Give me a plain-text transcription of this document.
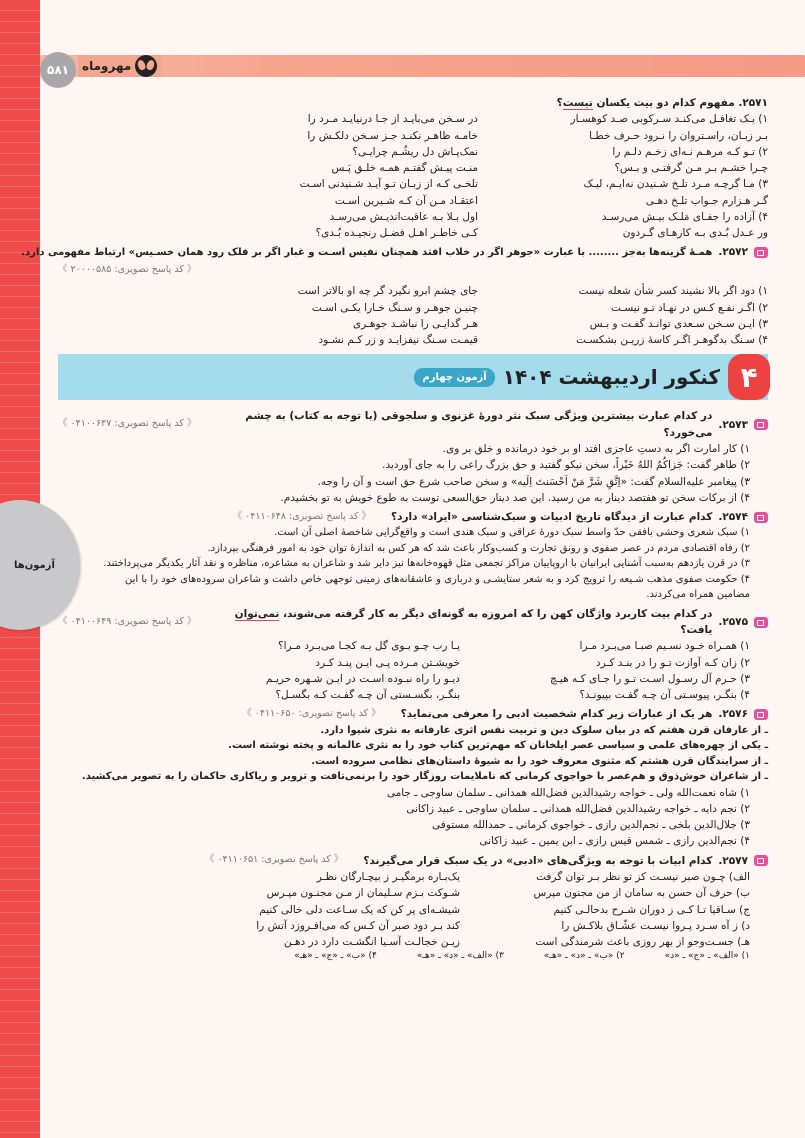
۵۸۱	مهروماه
آزمون‌ها
۲۵۷۱. مفهوم کدام دو بیت یکسان نیست؟
۱) یـک تغافـل می‌کنـد سـرکوبی صـد کوهسـار
در سـخن می‌بایـد از جـا درنیایـد مـرد را
بـر زبـان، راسـتروان را نـرود حـرف خطـا
خامـه ظاهـر نکنـد جـز سـخن دلکـش را
۲) تـو کـه مرهـم نـه‌ای زخـم دلـم را
نمک‌پـاش دل ریشُـم چرایـی؟
چـرا خشـم بـر مـن گرفتـی و بـس؟
منـت پیـش گفتـم همـه خلـق پَـس
۳) مـا گرچـه مـرد تلـخ شـنیدن نه‌ایـم، لیـک
تلخـی کـه از زبـان تـو آیـد شـنیدنی اسـت
گـر هـزارم جـواب تلـخ دهـی
اعتقـاد مـن آن کـه شـیرین اسـت
۴) آزاده را جفـای مَلـک بیـش می‌رسـد
اول بـلا بـه عاقبت‌اندیـش می‌رسـد
ور عـدل بُـدی بـه کارهـای گـردون
کـی خاطـر اهـل فضـل رنجیـده بُـدی؟
۲۵۷۲.
همـهٔ گزینه‌ها به‌جز ........ با عبارت «جوهر اگر در خلاب افتد همچنان نفیس اسـت و غبار اگر بر فلک رود همان خسـیس» ارتباط مفهومی دارد.
《 کد پاسخ تصویری: ۲۰۰۰۰۵۸۵ 》
۱) دود اگر بالا نشیند کسر شأن شعله نیست
جای چشم ابرو نگیرد گر چه او بالاتر است
۲) اگـر نفـع کـس در نهـاد تـو نیسـت
چنیـن جوهـر و سـنگ خـارا یکـی اسـت
۳) ایـن سـخن سـعدی توانـد گفـت و بـس
هـر گدایـی را نباشـد جوهـری
۴) سـنگ بدگوهـر اگـر کاسهٔ زریـن بشکسـت
قیمـت سـنگ نیفزایـد و زر کـم نشـود
۴
کنکور اردیبهشت ۱۴۰۴
آزمون چهارم
۲۵۷۳.
در کدام عبارت بیشترین ویژگی سبک نثر دورهٔ غزنوی و سلجوقی (با توجه به کتاب) به چشم می‌خورد؟
《 کد پاسخ تصویری: ۰۴۱۰۰۶۴۷ 》
۱) کار امارت اگر به دستِ عاجزی افتد او بر خود درمانده و خلق بر وی.
۲) طاهر گفت: جَزاکُمُ اللهُ خَیْراً، سخن نیکو گفتید و حق بزرگ راعی را به جای آوردید.
۳) پیغامبر علیه‌السلام گفت: «اِتَّقِ شَرَّ مَنْ اَحْسَنتَ اِلَیه» و سخن صاحب شرع حق است و آن را وجه.
۴) از برکات سخن تو هفتصد دینار به من رسید. این صد دینار حق‌السعی توست به طوع خویش به تو بخشیدم.
۲۵۷۴.
کدام عبارت از دیدگاه تاریخ ادبیات و سبک‌شناسی «ایراد» دارد؟
《 کد پاسخ تصویری: ۰۴۱۱۰۶۴۸ 》
۱) سبک شعری وحشی بافقی حدّ واسط سبک دورهٔ عراقی و سبک هندی است و واقع‌گرایی شاخصهٔ اصلی آن است.
۲) رفاه اقتصادی مردم در عصر صفوی و رونق تجارت و کسب‌وکار باعث شد که هر کس به اندازهٔ توان خود به امور فرهنگی بپردازد.
۳) در قرن یازدهم به‌سبب آشنایی ایرانیان با اروپاییان مراکز تجمعی مثل قهوه‌خانه‌ها نیز دایر شد و شاعران به مشاعره، مناظره و نقد آثار یکدیگر می‌پرداختند.
۴) حکومت صفوی مذهب شـیعه را ترویج کرد و به شعر ستایشـی و درباری و عاشقانه‌های زمینی توجهی خاص داشت و شاعران سروده‌های خود را با این
مضامین همراه می‌کردند.
۲۵۷۵.
در کدام بیت کاربرد واژگان کهن را که امروزه به گونه‌ای دیگر به کار گرفته می‌شوند، نمی‌توان یافت؟
《 کد پاسخ تصویری: ۰۴۱۰۰۶۴۹ 》
۱) همـراه خـود نسـیم صبـا می‌بـرد مـرا
یـا رب چـو بـوی گل بـه کجـا می‌بـرد مـرا؟
۲) زان کـه آوازت تـو را در بنـد کـرد
خویشـتن مـرده پـی ایـن پنـد کـرد
۳) حـرم آل رسـول اسـت تـو را جـای کـه هیـچ
دیـو را راه نبـوده اسـت در ایـن شـهره حریـم
۴) بنگـر، پیوسـتی آن چـه گفـت بپیونـد؟
بنگـر، بگسـستی آن چـه گفـت کـه بگسـل؟
۲۵۷۶.
هر یک از عبارات زیر کدام شخصیت ادبی را معرفی می‌نماید؟
《 کد پاسخ تصویری: ۰۴۱۱۰۶۵۰ 》
ـ از عارفان قرن هفتم که در بیان سلوک دین و تربیت نفس اثری عارفانه به نثری شیوا دارد.
ـ یکی از چهره‌های علمی و سیاسی عصر ایلخانان که مهم‌ترین کتاب خود را به نثری عالمانه و پخته نوشته است.
ـ از سرایندگان قرن هشتم که مثنوی معروف خود را به شیوهٔ داستان‌های نظامی سروده است.
ـ از شاعران خوش‌ذوق و هم‌عصر با خواجوی کرمانی که ناملایمات روزگار خود را برنمی‌تافت و تزویر و ریاکاری حاکمان را به تصویر می‌کشید.
۱) شاه نعمت‌الله ولی ـ خواجه رشیدالدین فضل‌الله همدانی ـ سلمان ساوجی ـ جامی
۲) نجم دایه ـ خواجه رشیدالدین فضل‌الله همدانی ـ سلمان ساوجی ـ عبید زاکانی
۳) جلال‌الدین بلخی ـ نجم‌الدین رازی ـ خواجوی کرمانی ـ حمدالله مستوفی
۴) نجم‌الدین رازی ـ شمس قیس رازی ـ ابن یمین ـ عبید زاکانی
۲۵۷۷.
کدام ابیات با توجه به ویژگی‌های «ادبی» در یک سبک قرار می‌گیرند؟
《 کد پاسخ تصویری: ۰۴۱۱۰۶۵۱ 》
الف) چـون صبر نیسـت کز تو نظر بـر توان گرفت
یک‌بـاره برمگیـر ز بیچـارگان نظـر
ب) حرف آن حسن به سامان از من مجنون مپرس
شـوکت بـزم سـلیمان از مـن مجنـون مپـرس
ج) سـاقیا تـا کـی ز دوران شـرح بدحالـی کنیم
شیشـه‌ای پر کن که یک سـاعت دلی خالی کنیم
د) ز آه سـرد پـروا نیسـت عشّـاق بلاکـش را
کند بـر دود صبر آن کـس که می‌افـروزد آتش را
هـ) جسـت‌وجو از بهر روزی باعث شرمندگی است
زیـن خجالـت آسـیا انگشـت دارد در دهـن
۱) «الف» ـ «ج» ـ «د»
۲) «ب» ـ «د» ـ «هـ»
۳) «الف» ـ «د» ـ «هـ»
۴) «ب» ـ «ج» ـ «هـ»
